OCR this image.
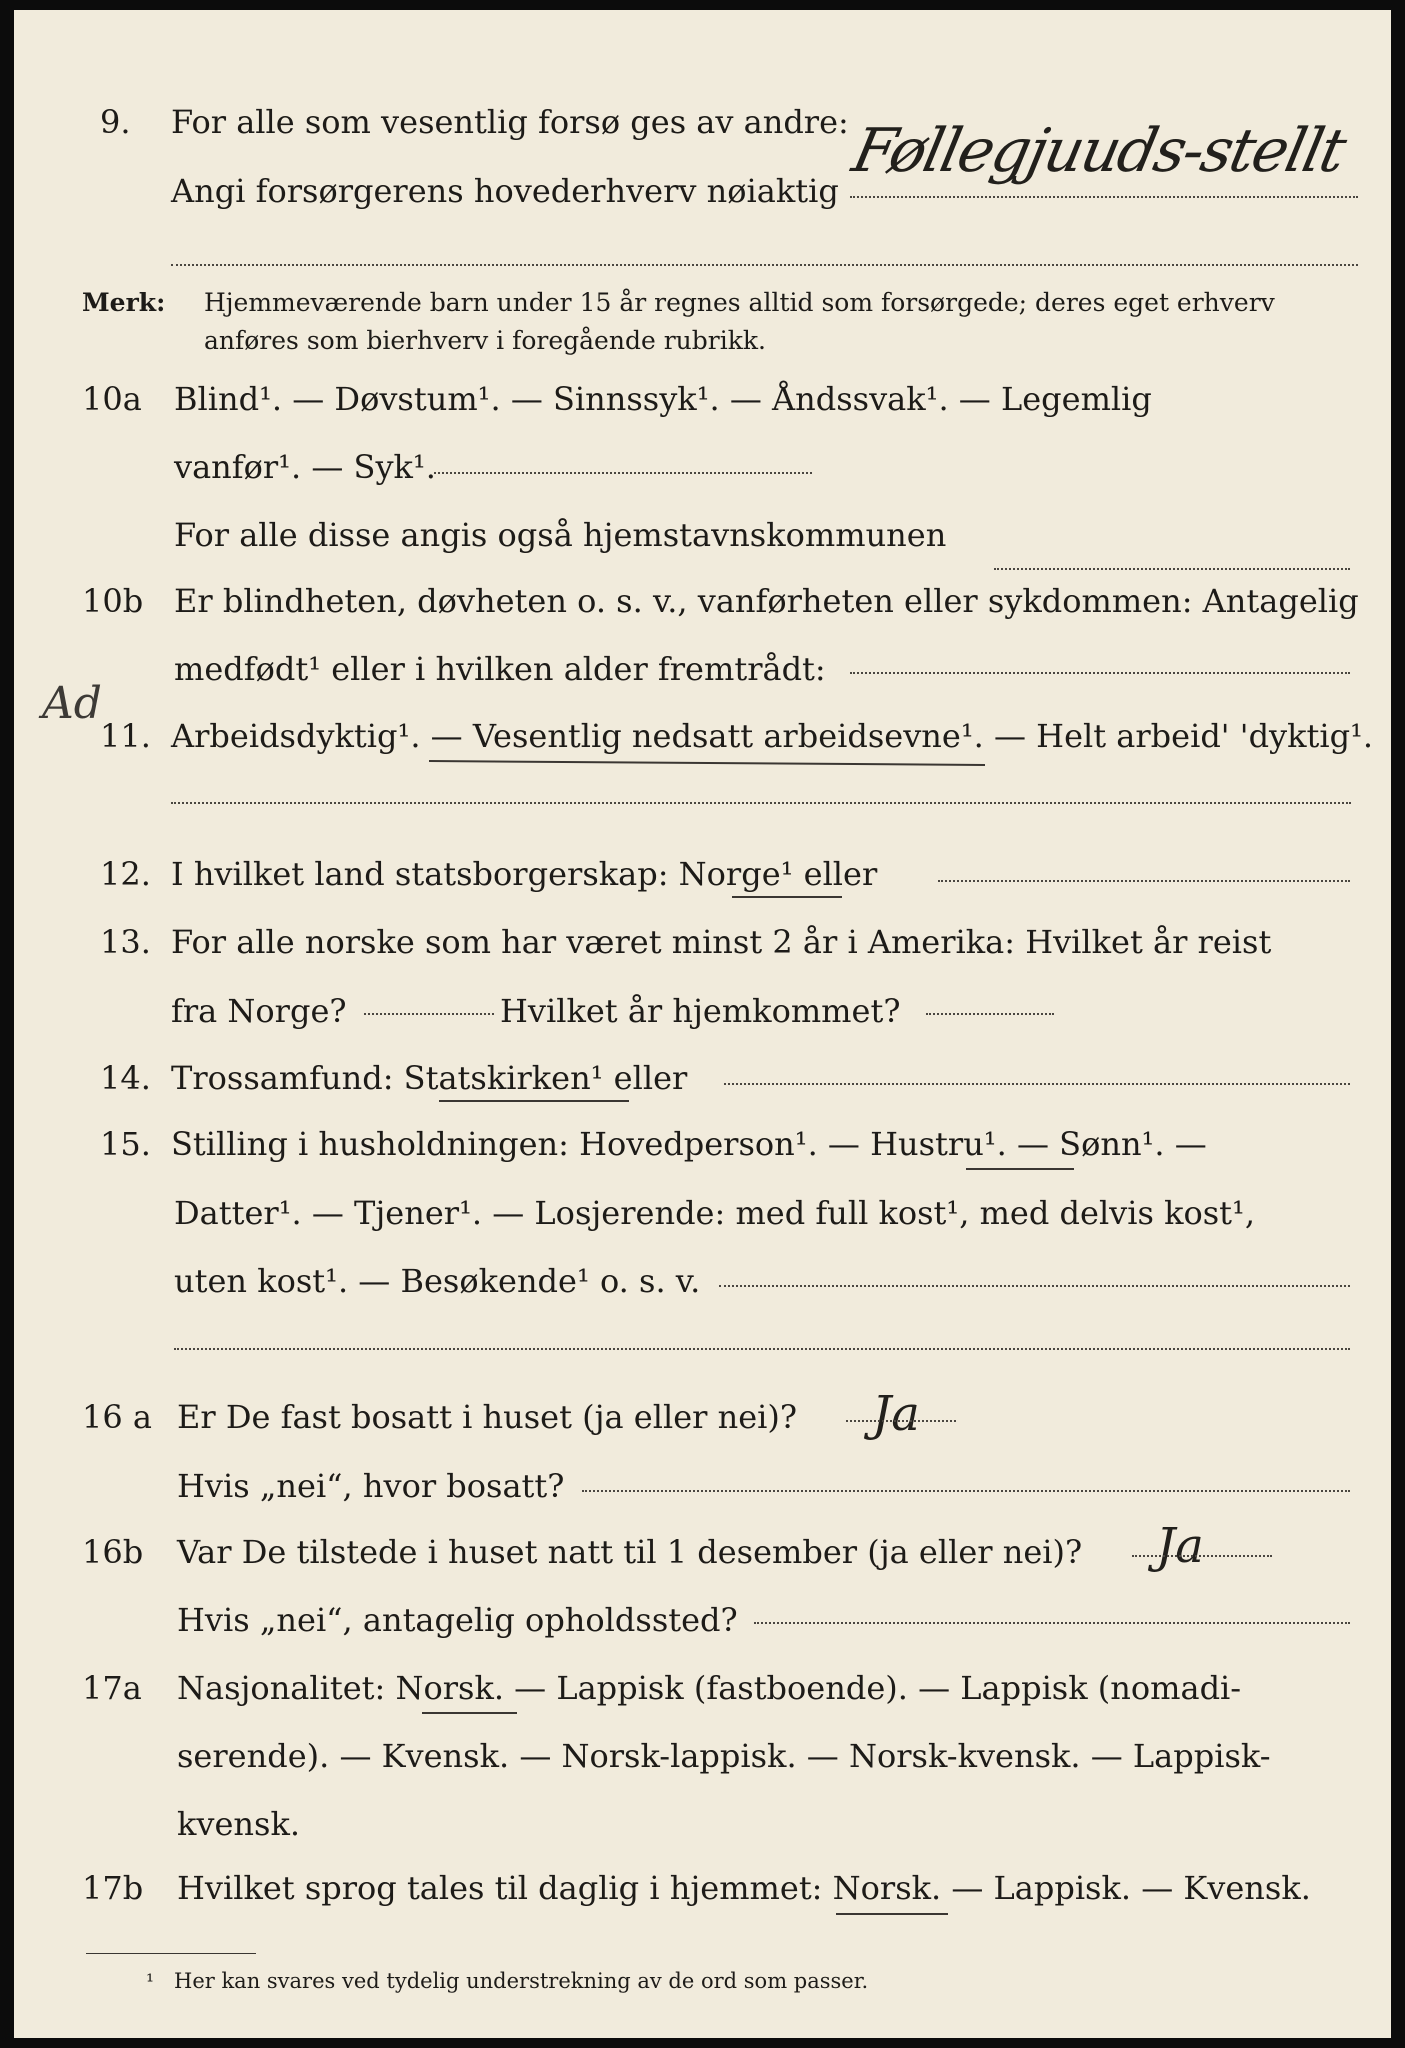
9. For alle som vesentlig forsø ges av andre:
Angi forsørgerens hovederhverv nøiaktig
Føllegjuuds-stellt
Merk: Hjemmeværende barn under 15 år regnes alltid som forsørgede; deres eget erhverv
anføres som bierhverv i foregående rubrikk.
10a Blind¹. — Døvstum¹. — Sinnssyk¹. — Åndssvak¹. — Legemlig
vanfør¹. — Syk¹.
For alle disse angis også hjemstavnskommunen
10b Er blindheten, døvheten o. s. v., vanførheten eller sykdommen: Antagelig
medfødt¹ eller i hvilken alder fremtrådt:
Ad
11. Arbeidsdyktig¹. — Vesentlig nedsatt arbeidsevne¹. — Helt arbeid' 'dyktig¹.
12. I hvilket land statsborgerskap: Norge¹ eller
13. For alle norske som har været minst 2 år i Amerika: Hvilket år reist
fra Norge?	Hvilket år hjemkommet?
14. Trossamfund: Statskirken¹ eller
15. Stilling i husholdningen: Hovedperson¹. — Hustru¹. — Sønn¹. —
Datter¹. — Tjener¹. — Losjerende: med full kost¹, med delvis kost¹,
uten kost¹. — Besøkende¹ o. s. v.
16 a Er De fast bosatt i huset (ja eller nei)? Ja
Hvis „nei“, hvor bosatt?
16b Var De tilstede i huset natt til 1 desember (ja eller nei)? Ja
Hvis „nei“, antagelig opholdssted?
17a Nasjonalitet: Norsk. — Lappisk (fastboende). — Lappisk (nomadi-
serende). — Kvensk. — Norsk-lappisk. — Norsk-kvensk. — Lappisk-
kvensk.
17b Hvilket sprog tales til daglig i hjemmet: Norsk. — Lappisk. — Kvensk.
¹ Her kan svares ved tydelig understrekning av de ord som passer.
